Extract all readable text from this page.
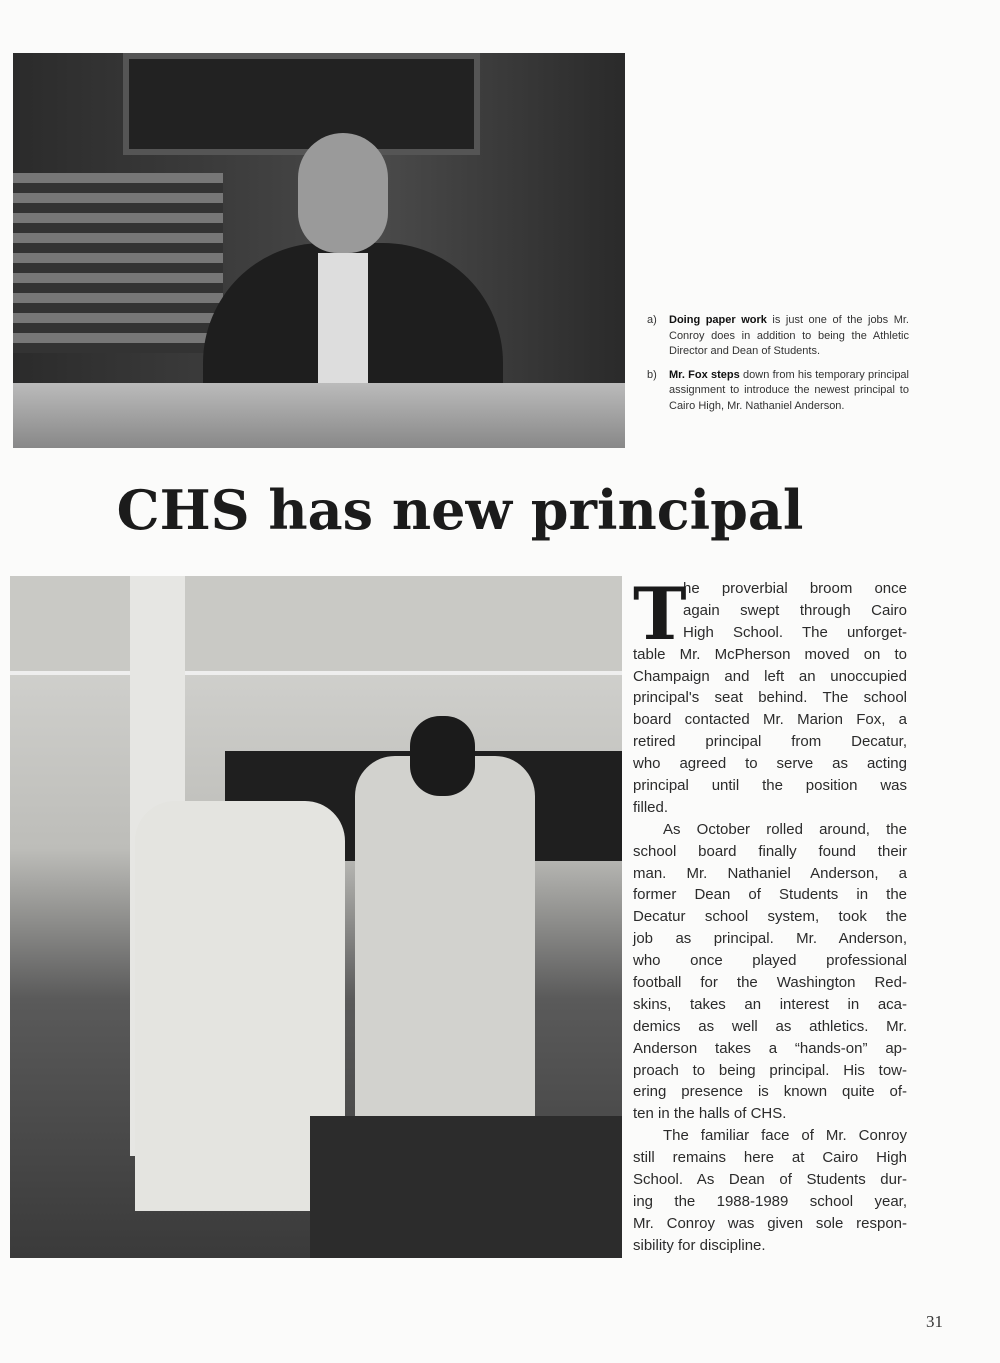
a) Doing paper work is just one of the jobs Mr. Conroy does in addition to being the Athletic Director and Dean of Students.
b) Mr. Fox steps down from his temporary principal assignment to introduce the newest principal to Cairo High, Mr. Nathaniel Anderson.
CHS has new principal
T
he proverbial broom once
again swept through Cairo
High School. The unforget-
table Mr. McPherson moved on to
Champaign and left an unoccupied
principal's seat behind. The school
board contacted Mr. Marion Fox, a
retired principal from Decatur,
who agreed to serve as acting
principal until the position was
filled.
As October rolled around, the
school board finally found their
man. Mr. Nathaniel Anderson, a
former Dean of Students in the
Decatur school system, took the
job as principal. Mr. Anderson,
who once played professional
football for the Washington Red-
skins, takes an interest in aca-
demics as well as athletics. Mr.
Anderson takes a “hands-on” ap-
proach to being principal. His tow-
ering presence is known quite of-
ten in the halls of CHS.
The familiar face of Mr. Conroy
still remains here at Cairo High
School. As Dean of Students dur-
ing the 1988-1989 school year,
Mr. Conroy was given sole respon-
sibility for discipline.
31
